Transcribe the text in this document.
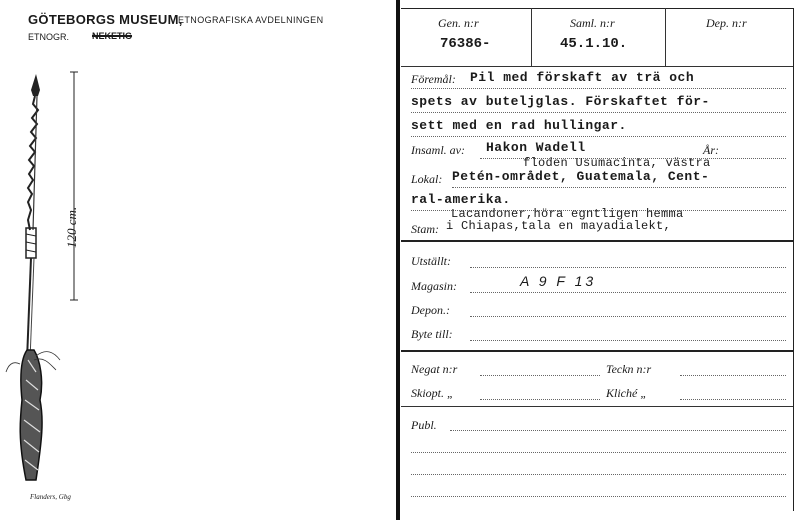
GÖTEBORGS MUSEUM,
ETNOGRAFISKA AVDELNINGEN
ETNOGR.	NEKETIG
120 cm.
Flanders, Gbg
Gen. n:r
76386-
Saml. n:r
45.1.10.
Dep. n:r
Föremål: Pil med förskaft av trä och
spets av buteljglas. Förskaftet för-
sett med en rad hullingar.
Insaml. av: Hakon Wadell	År:
floden Usumacinta, västra
Lokal: Petén-området, Guatemala, Cent-
ral-amerika.
Lacandoner,höra egntligen hemma
Stam: i Chiapas,tala en mayadialekt,
Utställt:
Magasin:	A 9 F 13
Depon.:
Byte till:
Negat n:r	Teckn n:r
Skiopt. „	Kliché „
Publ.
